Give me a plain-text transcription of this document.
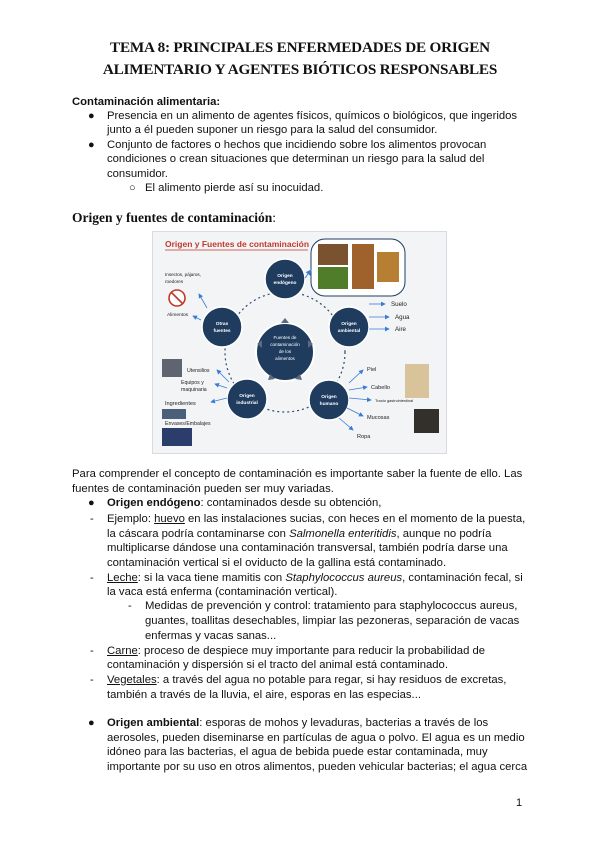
TEMA 8: PRINCIPALES ENFERMEDADES DE ORIGEN
ALIMENTARIO Y AGENTES BIÓTICOS RESPONSABLES
Contaminación alimentaria:
● Presencia en un alimento de agentes físicos, químicos o biológicos, que ingeridos
junto a él pueden suponer un riesgo para la salud del consumidor.
● Conjunto de factores o hechos que incidiendo sobre los alimentos provocan
condiciones o crean situaciones que determinan un riesgo para la salud del
consumidor.
○ El alimento pierde así su inocuidad.
Origen y fuentes de contaminación:
Origen y Fuentes de contaminación
Fuentes de
contaminación
de los
alimentos
Origen
endógeno
Origen
ambiental
Origen
humano
Origen
industrial
Otras
fuentes
Insectos, pájaros,
roedores
Alimentos
Suelo
Agua
Aire
Piel
Cabello
Tracto gastrointestinal
Mucosas
Ropa
Utensilios
Equipos y
maquinaria
Ingredientes
Envases/Embalajes
Para comprender el concepto de contaminación es importante saber la fuente de ello. Las
fuentes de contaminación pueden ser muy variadas.
● Origen endógeno: contaminados desde su obtención,
- Ejemplo: huevo en las instalaciones sucias, con heces en el momento de la puesta,
la cáscara podría contaminarse con Salmonella enteritidis, aunque no podría
multiplicarse dándose una contaminación transversal, también podría darse una
contaminación vertical si el oviducto de la gallina está contaminado.
- Leche: si la vaca tiene mamitis con Staphylococcus aureus, contaminación fecal, si
la vaca está enferma (contaminación vertical).
- Medidas de prevención y control: tratamiento para staphylococcus aureus,
guantes, toallitas desechables, limpiar las pezoneras, separación de vacas
enfermas y vacas sanas...
- Carne: proceso de despiece muy importante para reducir la probabilidad de
contaminación y dispersión si el tracto del animal está contaminado.
- Vegetales: a través del agua no potable para regar, si hay residuos de excretas,
también a través de la lluvia, el aire, esporas en las especias...
● Origen ambiental: esporas de mohos y levaduras, bacterias a través de los
aerosoles, pueden diseminarse en partículas de agua o polvo. El agua es un medio
idóneo para las bacterias, el agua de bebida puede estar contaminada, muy
importante por su uso en otros alimentos, pueden vehicular bacterias; el agua cerca
1
